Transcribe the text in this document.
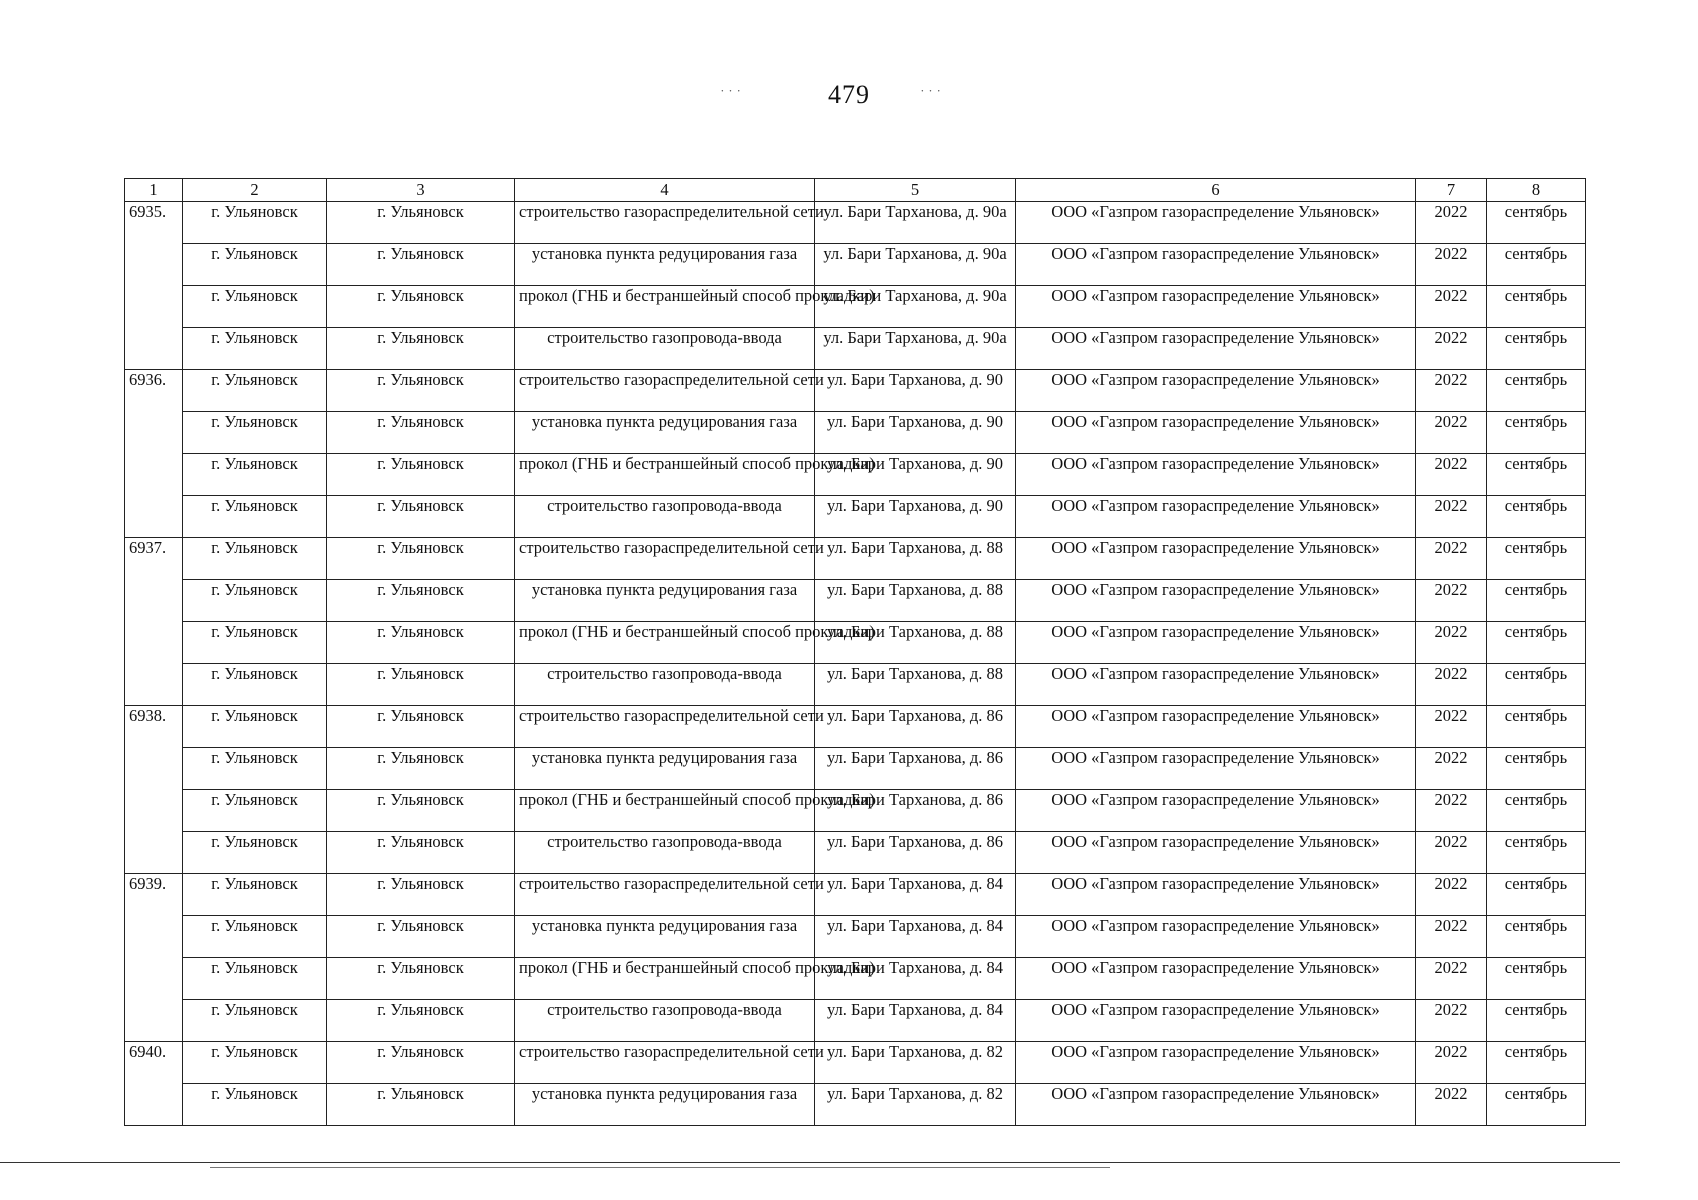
479
˙ ˙ ˙	˙ ˙ ˙
1	2	3	4	5	6	7	8
6935.	г. Ульяновск	г. Ульяновск	строительство газораспределительной сети	ул. Бари Тарханова, д. 90а	ООО «Газпром газораспределение Ульяновск»	2022	сентябрь
	г. Ульяновск	г. Ульяновск	установка пункта редуцирования газа	ул. Бари Тарханова, д. 90а	ООО «Газпром газораспределение Ульяновск»	2022	сентябрь
	г. Ульяновск	г. Ульяновск	прокол (ГНБ и бестраншейный способ прокладки)	ул. Бари Тарханова, д. 90а	ООО «Газпром газораспределение Ульяновск»	2022	сентябрь
	г. Ульяновск	г. Ульяновск	строительство газопровода-ввода	ул. Бари Тарханова, д. 90а	ООО «Газпром газораспределение Ульяновск»	2022	сентябрь
6936.	г. Ульяновск	г. Ульяновск	строительство газораспределительной сети	ул. Бари Тарханова, д. 90	ООО «Газпром газораспределение Ульяновск»	2022	сентябрь
	г. Ульяновск	г. Ульяновск	установка пункта редуцирования газа	ул. Бари Тарханова, д. 90	ООО «Газпром газораспределение Ульяновск»	2022	сентябрь
	г. Ульяновск	г. Ульяновск	прокол (ГНБ и бестраншейный способ прокладки)	ул. Бари Тарханова, д. 90	ООО «Газпром газораспределение Ульяновск»	2022	сентябрь
	г. Ульяновск	г. Ульяновск	строительство газопровода-ввода	ул. Бари Тарханова, д. 90	ООО «Газпром газораспределение Ульяновск»	2022	сентябрь
6937.	г. Ульяновск	г. Ульяновск	строительство газораспределительной сети	ул. Бари Тарханова, д. 88	ООО «Газпром газораспределение Ульяновск»	2022	сентябрь
	г. Ульяновск	г. Ульяновск	установка пункта редуцирования газа	ул. Бари Тарханова, д. 88	ООО «Газпром газораспределение Ульяновск»	2022	сентябрь
	г. Ульяновск	г. Ульяновск	прокол (ГНБ и бестраншейный способ прокладки)	ул. Бари Тарханова, д. 88	ООО «Газпром газораспределение Ульяновск»	2022	сентябрь
	г. Ульяновск	г. Ульяновск	строительство газопровода-ввода	ул. Бари Тарханова, д. 88	ООО «Газпром газораспределение Ульяновск»	2022	сентябрь
6938.	г. Ульяновск	г. Ульяновск	строительство газораспределительной сети	ул. Бари Тарханова, д. 86	ООО «Газпром газораспределение Ульяновск»	2022	сентябрь
	г. Ульяновск	г. Ульяновск	установка пункта редуцирования газа	ул. Бари Тарханова, д. 86	ООО «Газпром газораспределение Ульяновск»	2022	сентябрь
	г. Ульяновск	г. Ульяновск	прокол (ГНБ и бестраншейный способ прокладки)	ул. Бари Тарханова, д. 86	ООО «Газпром газораспределение Ульяновск»	2022	сентябрь
	г. Ульяновск	г. Ульяновск	строительство газопровода-ввода	ул. Бари Тарханова, д. 86	ООО «Газпром газораспределение Ульяновск»	2022	сентябрь
6939.	г. Ульяновск	г. Ульяновск	строительство газораспределительной сети	ул. Бари Тарханова, д. 84	ООО «Газпром газораспределение Ульяновск»	2022	сентябрь
	г. Ульяновск	г. Ульяновск	установка пункта редуцирования газа	ул. Бари Тарханова, д. 84	ООО «Газпром газораспределение Ульяновск»	2022	сентябрь
	г. Ульяновск	г. Ульяновск	прокол (ГНБ и бестраншейный способ прокладки)	ул. Бари Тарханова, д. 84	ООО «Газпром газораспределение Ульяновск»	2022	сентябрь
	г. Ульяновск	г. Ульяновск	строительство газопровода-ввода	ул. Бари Тарханова, д. 84	ООО «Газпром газораспределение Ульяновск»	2022	сентябрь
6940.	г. Ульяновск	г. Ульяновск	строительство газораспределительной сети	ул. Бари Тарханова, д. 82	ООО «Газпром газораспределение Ульяновск»	2022	сентябрь
	г. Ульяновск	г. Ульяновск	установка пункта редуцирования газа	ул. Бари Тарханова, д. 82	ООО «Газпром газораспределение Ульяновск»	2022	сентябрь
